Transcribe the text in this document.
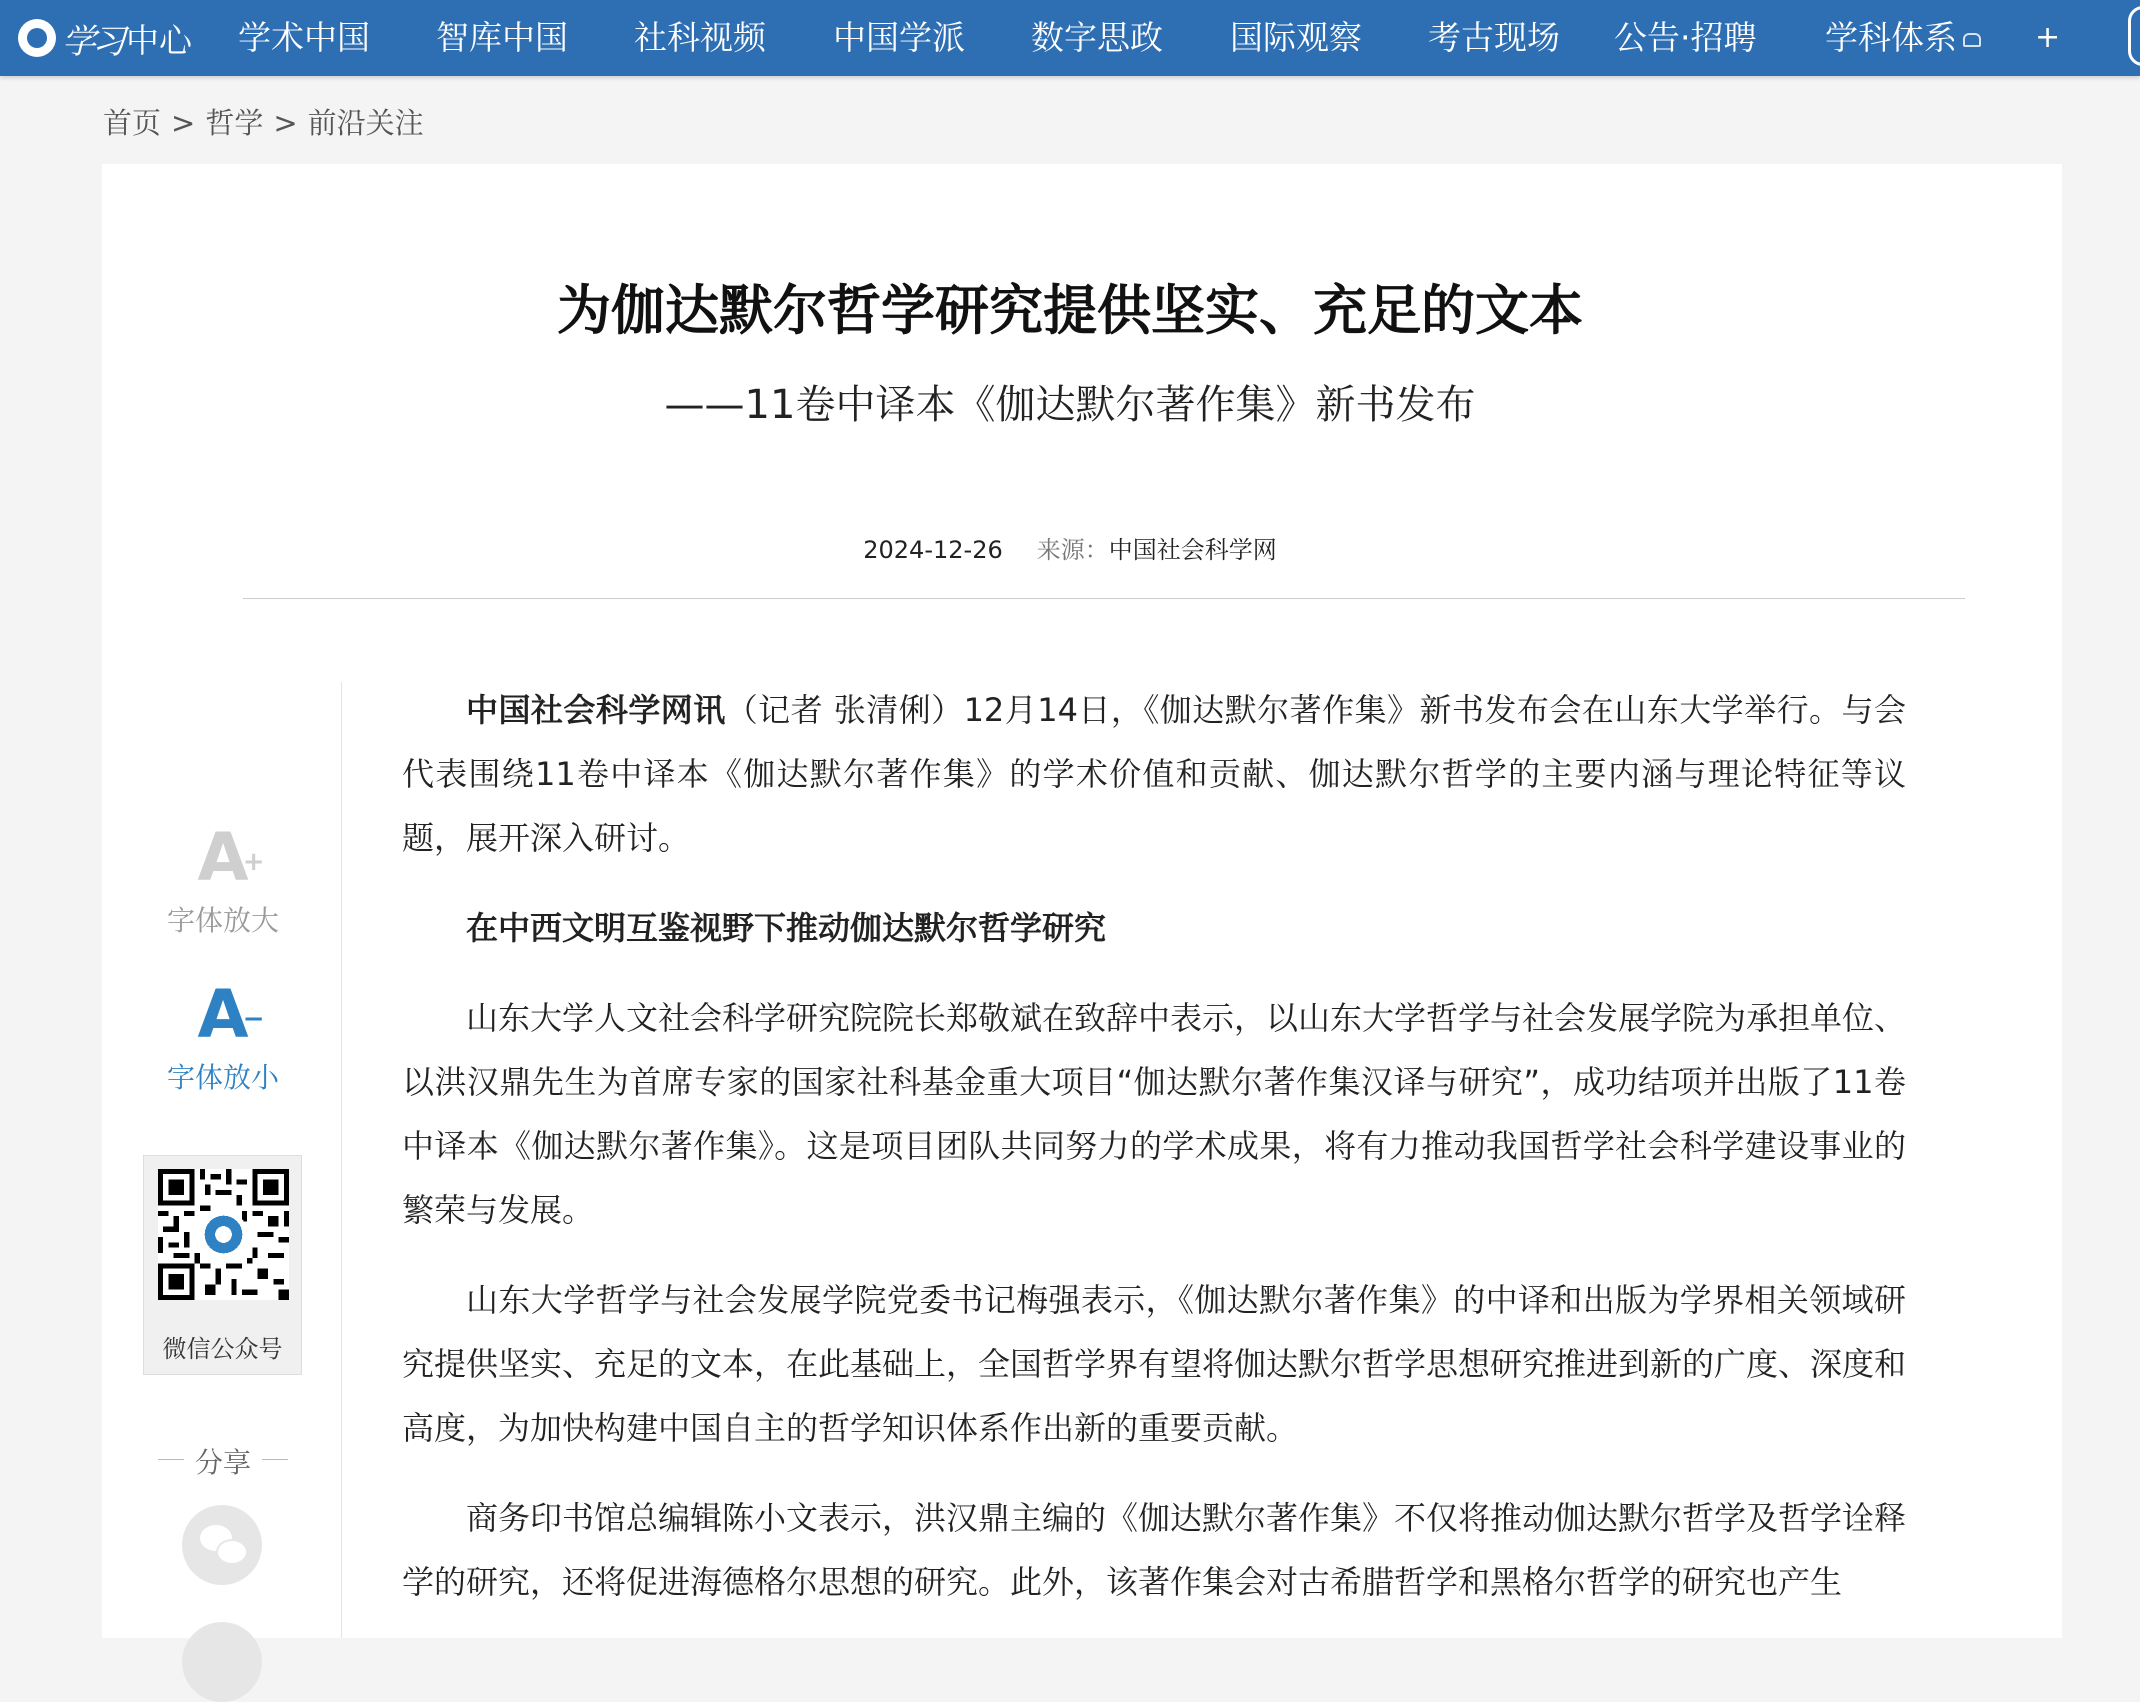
学习 中心 学术中国 智库中国 社科视频 中国学派 数字思政 国际观察 考古现场 公告·招聘 学科体系	+
首页 > 哲学 > 前沿关注
为伽达默尔哲学研究提供坚实、充足的文本
——11卷中译本《伽达默尔著作集》新书发布
2024-12-26 来源：中国社会科学网
A
+
字体放大
A
−
字体放小
微信公众号
分享

中国社会科学网讯（记者 张清俐）12月14日，《伽达默尔著作集》新书发布会在山东大学举行。与会代表围绕11卷中译本《伽达默尔著作集》的学术价值和贡献、伽达默尔哲学的主要内涵与理论特征等议题，展开深入研讨。

在中西文明互鉴视野下推动伽达默尔哲学研究

山东大学人文社会科学研究院院长郑敬斌在致辞中表示，以山东大学哲学与社会发展学院为承担单位、以洪汉鼎先生为首席专家的国家社科基金重大项目“伽达默尔著作集汉译与研究”，成功结项并出版了11卷中译本《伽达默尔著作集》。这是项目团队共同努力的学术成果，将有力推动我国哲学社会科学建设事业的繁荣与发展。

山东大学哲学与社会发展学院党委书记梅强表示，《伽达默尔著作集》的中译和出版为学界相关领域研究提供坚实、充足的文本，在此基础上，全国哲学界有望将伽达默尔哲学思想研究推进到新的广度、深度和高度，为加快构建中国自主的哲学知识体系作出新的重要贡献。

商务印书馆总编辑陈小文表示，洪汉鼎主编的《伽达默尔著作集》不仅将推动伽达默尔哲学及哲学诠释学的研究，还将促进海德格尔思想的研究。此外，该著作集会对古希腊哲学和黑格尔哲学的研究也产生
